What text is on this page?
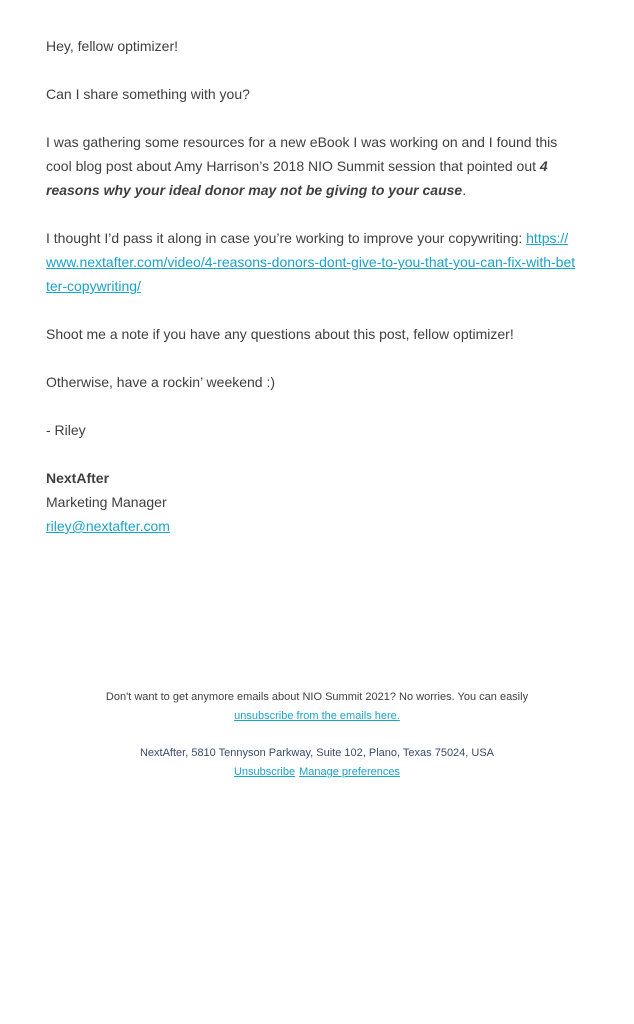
Hey, fellow optimizer!

Can I share something with you?

I was gathering some resources for a new eBook I was working on and I found this cool blog post about Amy Harrison’s 2018 NIO Summit session that pointed out 4 reasons why your ideal donor may not be giving to your cause.

I thought I’d pass it along in case you’re working to improve your copywriting: https://www.nextafter.com/video/4-reasons-donors-dont-give-to-you-that-you-can-fix-with-better-copywriting/

Shoot me a note if you have any questions about this post, fellow optimizer!

Otherwise, have a rockin’ weekend :)

- Riley

NextAfter
Marketing Manager
riley@nextafter.com

Don't want to get anymore emails about NIO Summit 2021? No worries. You can easily
unsubscribe from the emails here.

NextAfter, 5810 Tennyson Parkway, Suite 102, Plano, Texas 75024, USA
Unsubscribe Manage preferences
